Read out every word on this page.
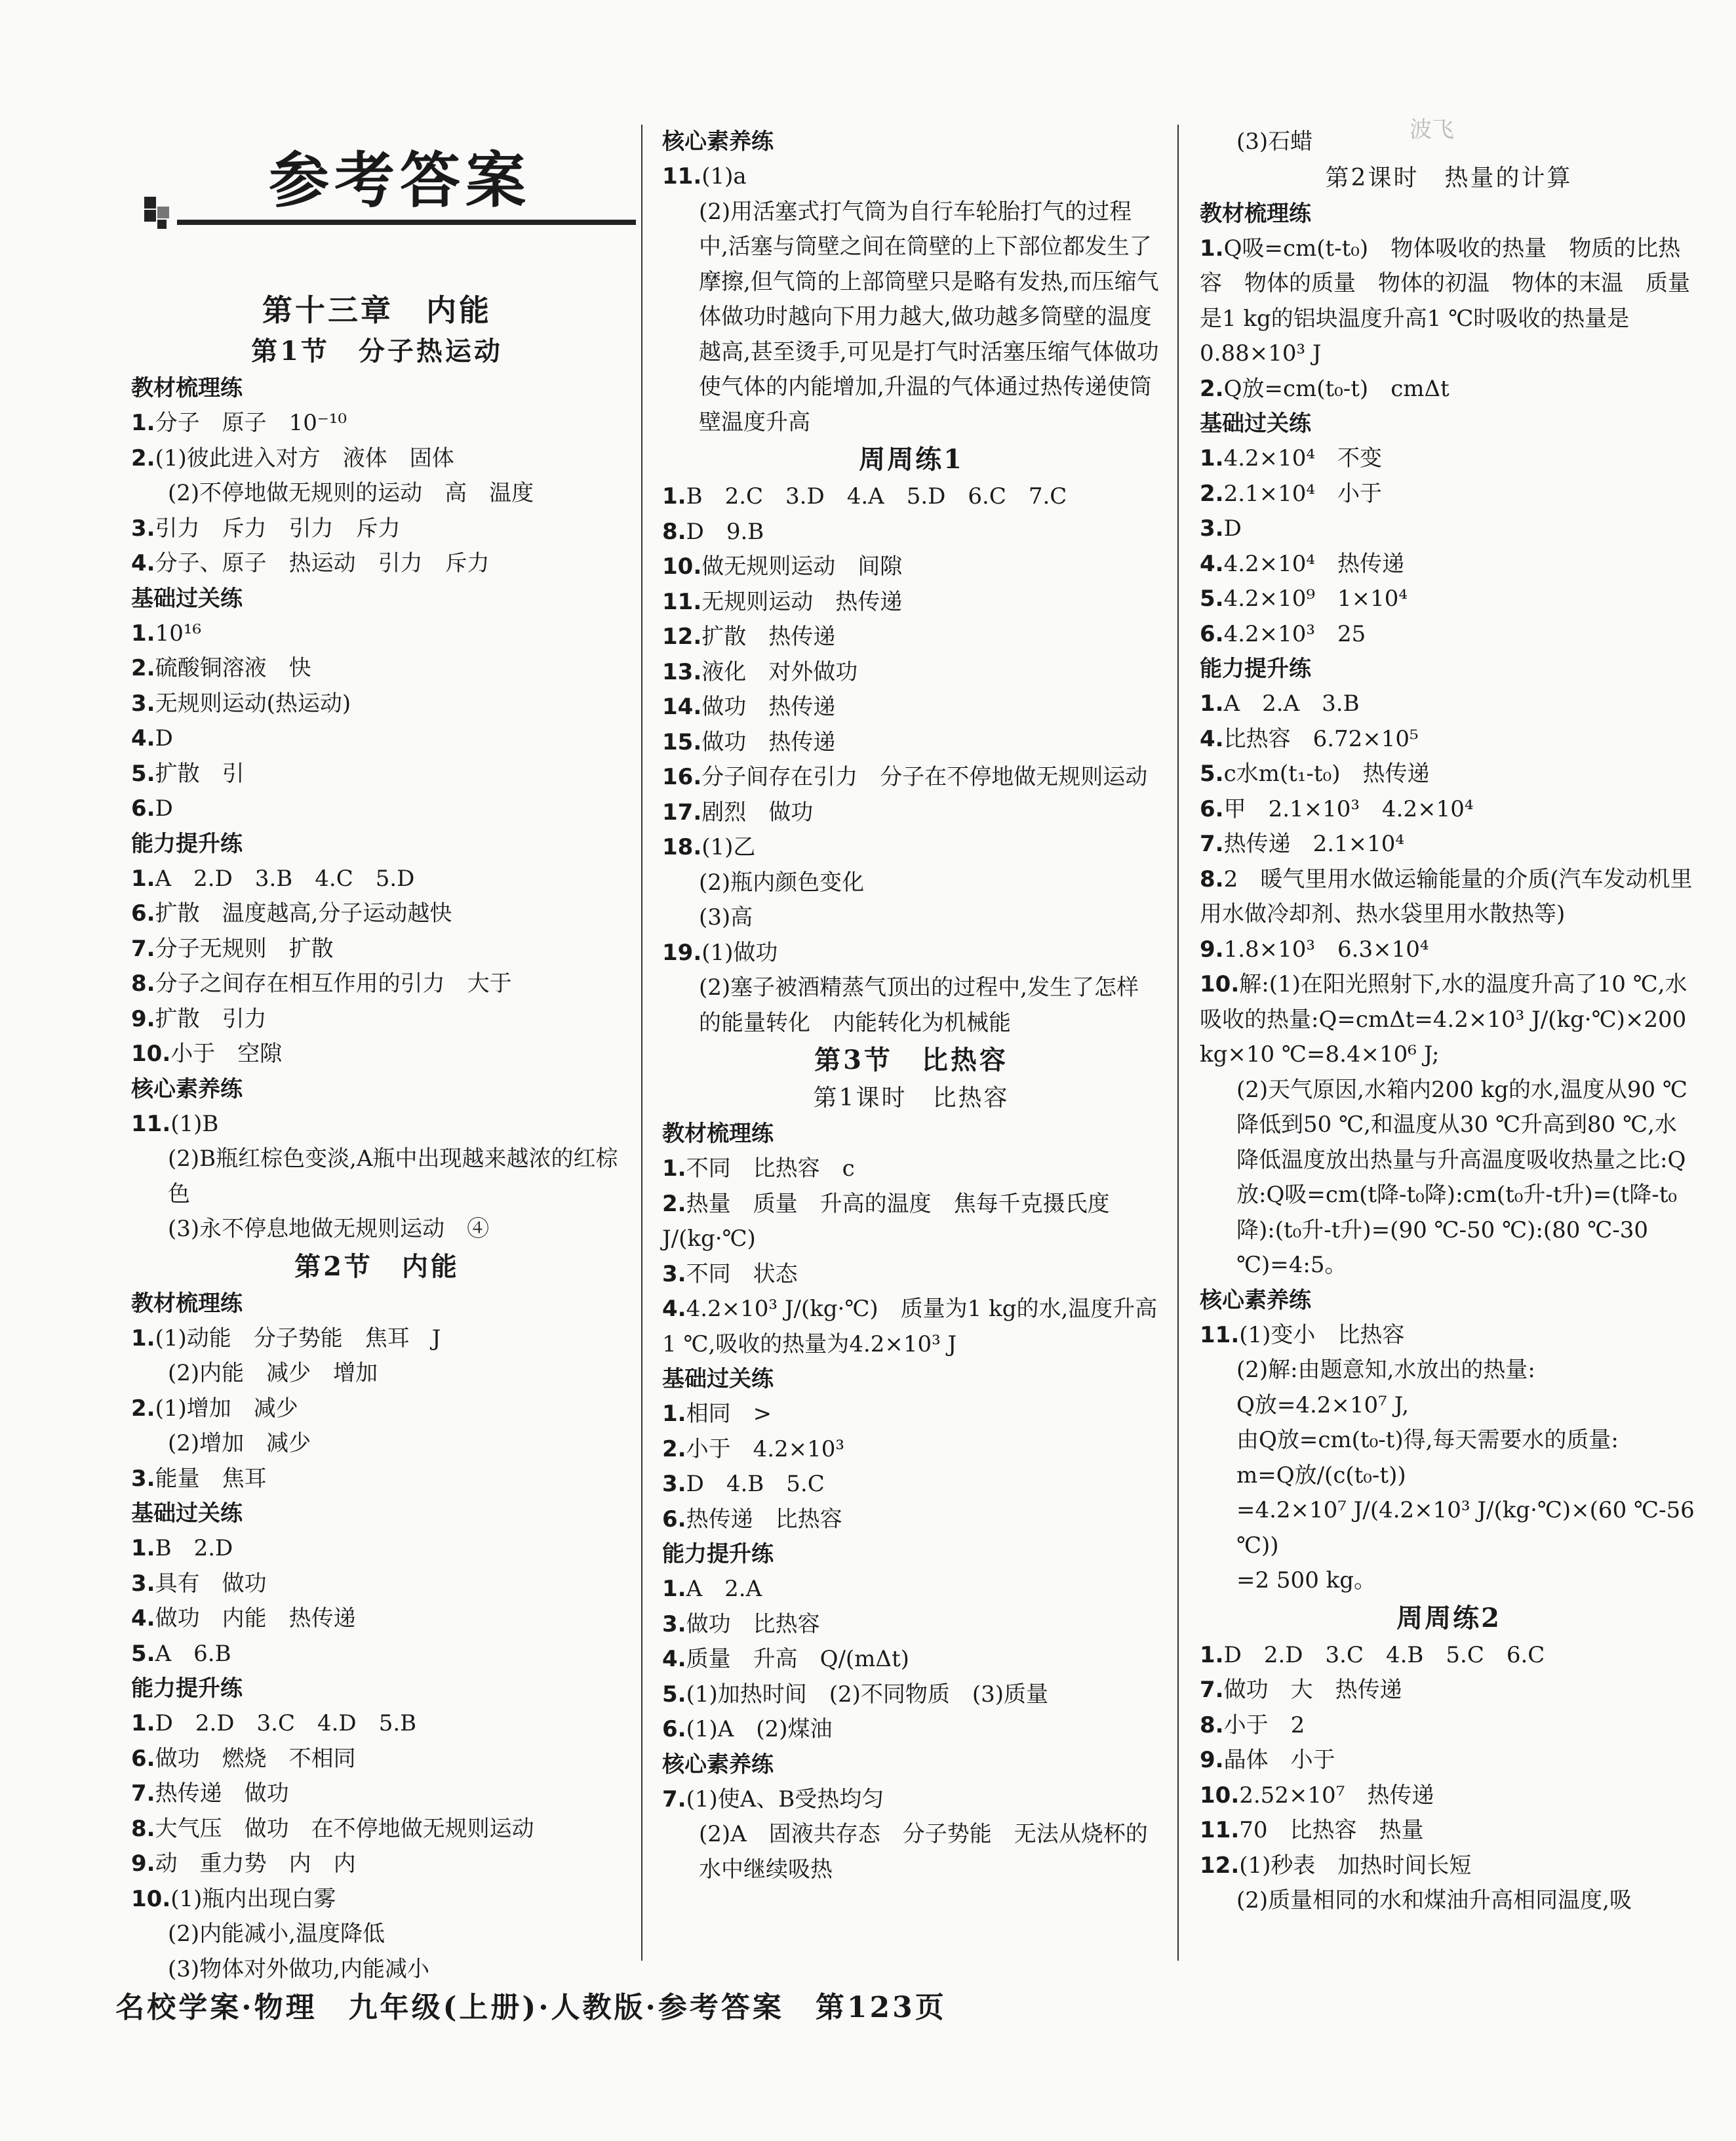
参考答案
波飞
第十三章　内能
第1节　分子热运动
教材梳理练
1.分子　原子　10⁻¹⁰
2.(1)彼此进入对方　液体　固体
(2)不停地做无规则的运动　高　温度
3.引力　斥力　引力　斥力
4.分子、原子　热运动　引力　斥力
基础过关练
1.10¹⁶
2.硫酸铜溶液　快
3.无规则运动(热运动)
4.D
5.扩散　引
6.D
能力提升练
1.A　2.D　3.B　4.C　5.D
6.扩散　温度越高,分子运动越快
7.分子无规则　扩散
8.分子之间存在相互作用的引力　大于
9.扩散　引力
10.小于　空隙
核心素养练
11.(1)B
(2)B瓶红棕色变淡,A瓶中出现越来越浓的红棕色
(3)永不停息地做无规则运动　④
第2节　内能
教材梳理练
1.(1)动能　分子势能　焦耳　J
(2)内能　减少　增加
2.(1)增加　减少
(2)增加　减少
3.能量　焦耳
基础过关练
1.B　2.D
3.具有　做功
4.做功　内能　热传递
5.A　6.B
能力提升练
1.D　2.D　3.C　4.D　5.B
6.做功　燃烧　不相同
7.热传递　做功
8.大气压　做功　在不停地做无规则运动
9.动　重力势　内　内
10.(1)瓶内出现白雾
(2)内能减小,温度降低
(3)物体对外做功,内能减小
核心素养练
11.(1)a
(2)用活塞式打气筒为自行车轮胎打气的过程中,活塞与筒壁之间在筒壁的上下部位都发生了摩擦,但气筒的上部筒壁只是略有发热,而压缩气体做功时越向下用力越大,做功越多筒壁的温度越高,甚至烫手,可见是打气时活塞压缩气体做功使气体的内能增加,升温的气体通过热传递使筒壁温度升高
周周练1
1.B　2.C　3.D　4.A　5.D　6.C　7.C
8.D　9.B
10.做无规则运动　间隙
11.无规则运动　热传递
12.扩散　热传递
13.液化　对外做功
14.做功　热传递
15.做功　热传递
16.分子间存在引力　分子在不停地做无规则运动
17.剧烈　做功
18.(1)乙
(2)瓶内颜色变化
(3)高
19.(1)做功
(2)塞子被酒精蒸气顶出的过程中,发生了怎样的能量转化　内能转化为机械能
第3节　比热容
第1课时　比热容
教材梳理练
1.不同　比热容　c
2.热量　质量　升高的温度　焦每千克摄氏度　J/(kg·℃)
3.不同　状态
4.4.2×10³ J/(kg·℃)　质量为1 kg的水,温度升高1 ℃,吸收的热量为4.2×10³ J
基础过关练
1.相同　>
2.小于　4.2×10³
3.D　4.B　5.C
6.热传递　比热容
能力提升练
1.A　2.A
3.做功　比热容
4.质量　升高　Q/(mΔt)
5.(1)加热时间　(2)不同物质　(3)质量
6.(1)A　(2)煤油
核心素养练
7.(1)使A、B受热均匀
(2)A　固液共存态　分子势能　无法从烧杯的水中继续吸热
(3)石蜡
第2课时　热量的计算
教材梳理练
1.Q吸=cm(t-t₀)　物体吸收的热量　物质的比热容　物体的质量　物体的初温　物体的末温　质量是1 kg的铝块温度升高1 ℃时吸收的热量是0.88×10³ J
2.Q放=cm(t₀-t)　cmΔt
基础过关练
1.4.2×10⁴　不变
2.2.1×10⁴　小于
3.D
4.4.2×10⁴　热传递
5.4.2×10⁹　1×10⁴
6.4.2×10³　25
能力提升练
1.A　2.A　3.B
4.比热容　6.72×10⁵
5.c水m(t₁-t₀)　热传递
6.甲　2.1×10³　4.2×10⁴
7.热传递　2.1×10⁴
8.2　暖气里用水做运输能量的介质(汽车发动机里用水做冷却剂、热水袋里用水散热等)
9.1.8×10³　6.3×10⁴
10.解:(1)在阳光照射下,水的温度升高了10 ℃,水吸收的热量:Q=cmΔt=4.2×10³ J/(kg·℃)×200 kg×10 ℃=8.4×10⁶ J;
(2)天气原因,水箱内200 kg的水,温度从90 ℃降低到50 ℃,和温度从30 ℃升高到80 ℃,水降低温度放出热量与升高温度吸收热量之比:Q放:Q吸=cm(t降-t₀降):cm(t₀升-t升)=(t降-t₀降):(t₀升-t升)=(90 ℃-50 ℃):(80 ℃-30 ℃)=4:5。
核心素养练
11.(1)变小　比热容
(2)解:由题意知,水放出的热量:
Q放=4.2×10⁷ J,
由Q放=cm(t₀-t)得,每天需要水的质量:
m=Q放/(c(t₀-t))
=4.2×10⁷ J/(4.2×10³ J/(kg·℃)×(60 ℃-56 ℃))
=2 500 kg。
周周练2
1.D　2.D　3.C　4.B　5.C　6.C
7.做功　大　热传递
8.小于　2
9.晶体　小于
10.2.52×10⁷　热传递
11.70　比热容　热量
12.(1)秒表　加热时间长短
(2)质量相同的水和煤油升高相同温度,吸
名校学案·物理　九年级(上册)·人教版·参考答案　第123页
